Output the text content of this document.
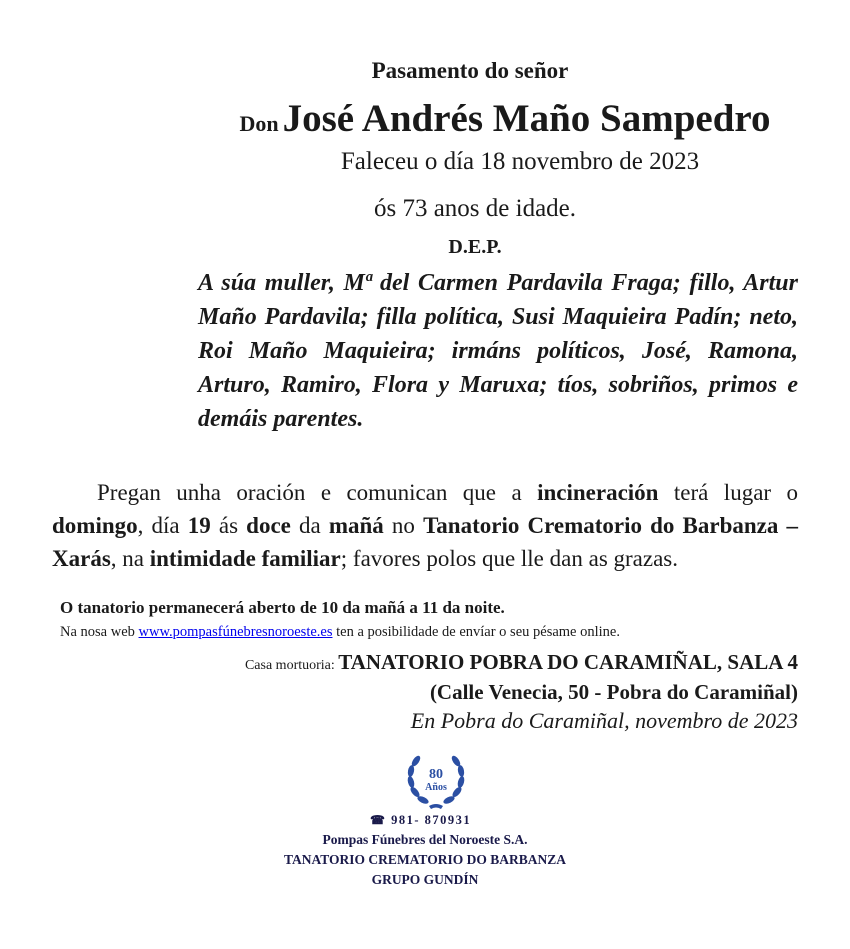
Pasamento do señor
Don José Andrés Maño Sampedro
Faleceu o día 18 novembro de 2023
ós 73 anos de idade.
D.E.P.
A súa muller, Mª del Carmen Pardavila Fraga; fillo, Artur Maño Pardavila; filla política, Susi Maquieira Padín; neto, Roi Maño Maquieira; irmáns políticos, José, Ramona, Arturo, Ramiro, Flora y Maruxa; tíos, sobriños, primos e demáis parentes.
Pregan unha oración e comunican que a incineración terá lugar o domingo, día 19 ás doce da mañá no Tanatorio Crematorio do Barbanza – Xarás, na intimidade familiar; favores polos que lle dan as grazas.
O tanatorio permanecerá aberto de 10 da mañá a 11 da noite.
Na nosa web www.pompasfúnebresnoroeste.es ten a posibilidade de envíar o seu pésame online.
Casa mortuoria: TANATORIO POBRA DO CARAMIÑAL, SALA 4
(Calle Venecia, 50 - Pobra do Caramiñal)
En Pobra do Caramiñal, novembro de 2023
80
Años
☎ 981- 870931
Pompas Fúnebres del Noroeste S.A.
TANATORIO CREMATORIO DO BARBANZA
GRUPO GUNDÍN
